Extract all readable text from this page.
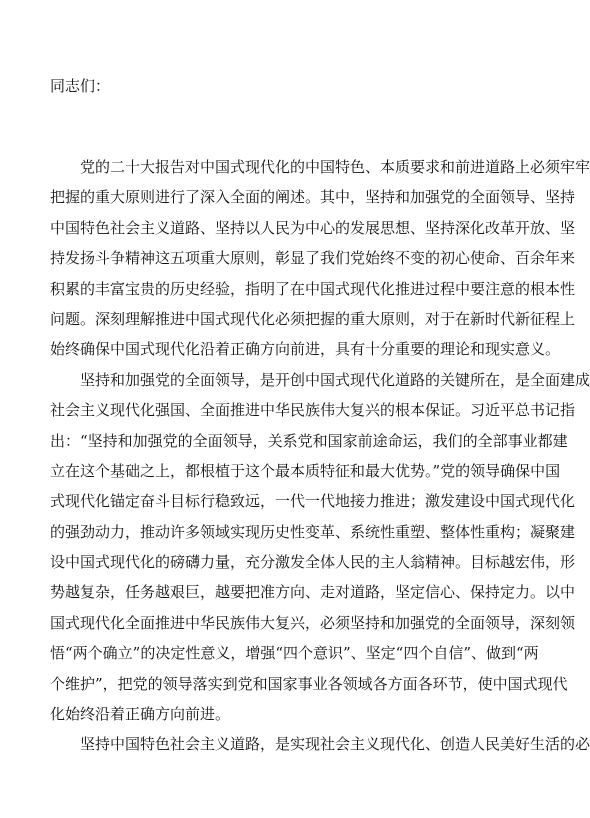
同志们：
党的二十大报告对中国式现代化的中国特色、本质要求和前进道路上必须牢牢
把握的重大原则进行了深入全面的阐述。其中，坚持和加强党的全面领导、坚持
中国特色社会主义道路、坚持以人民为中心的发展思想、坚持深化改革开放、坚
持发扬斗争精神这五项重大原则，彰显了我们党始终不变的初心使命、百余年来
积累的丰富宝贵的历史经验，指明了在中国式现代化推进过程中要注意的根本性
问题。深刻理解推进中国式现代化必须把握的重大原则，对于在新时代新征程上
始终确保中国式现代化沿着正确方向前进，具有十分重要的理论和现实意义。
坚持和加强党的全面领导，是开创中国式现代化道路的关键所在，是全面建成
社会主义现代化强国、全面推进中华民族伟大复兴的根本保证。习近平总书记指
出：“坚持和加强党的全面领导，关系党和国家前途命运，我们的全部事业都建
立在这个基础之上，都根植于这个最本质特征和最大优势。”党的领导确保中国
式现代化锚定奋斗目标行稳致远，一代一代地接力推进；激发建设中国式现代化
的强劲动力，推动许多领域实现历史性变革、系统性重塑、整体性重构；凝聚建
设中国式现代化的磅礴力量，充分激发全体人民的主人翁精神。目标越宏伟，形
势越复杂，任务越艰巨，越要把准方向、走对道路，坚定信心、保持定力。以中
国式现代化全面推进中华民族伟大复兴，必须坚持和加强党的全面领导，深刻领
悟“两个确立”的决定性意义，增强“四个意识”、坚定“四个自信”、做到“两
个维护”，把党的领导落实到党和国家事业各领域各方面各环节，使中国式现代
化始终沿着正确方向前进。
坚持中国特色社会主义道路，是实现社会主义现代化、创造人民美好生活的必
